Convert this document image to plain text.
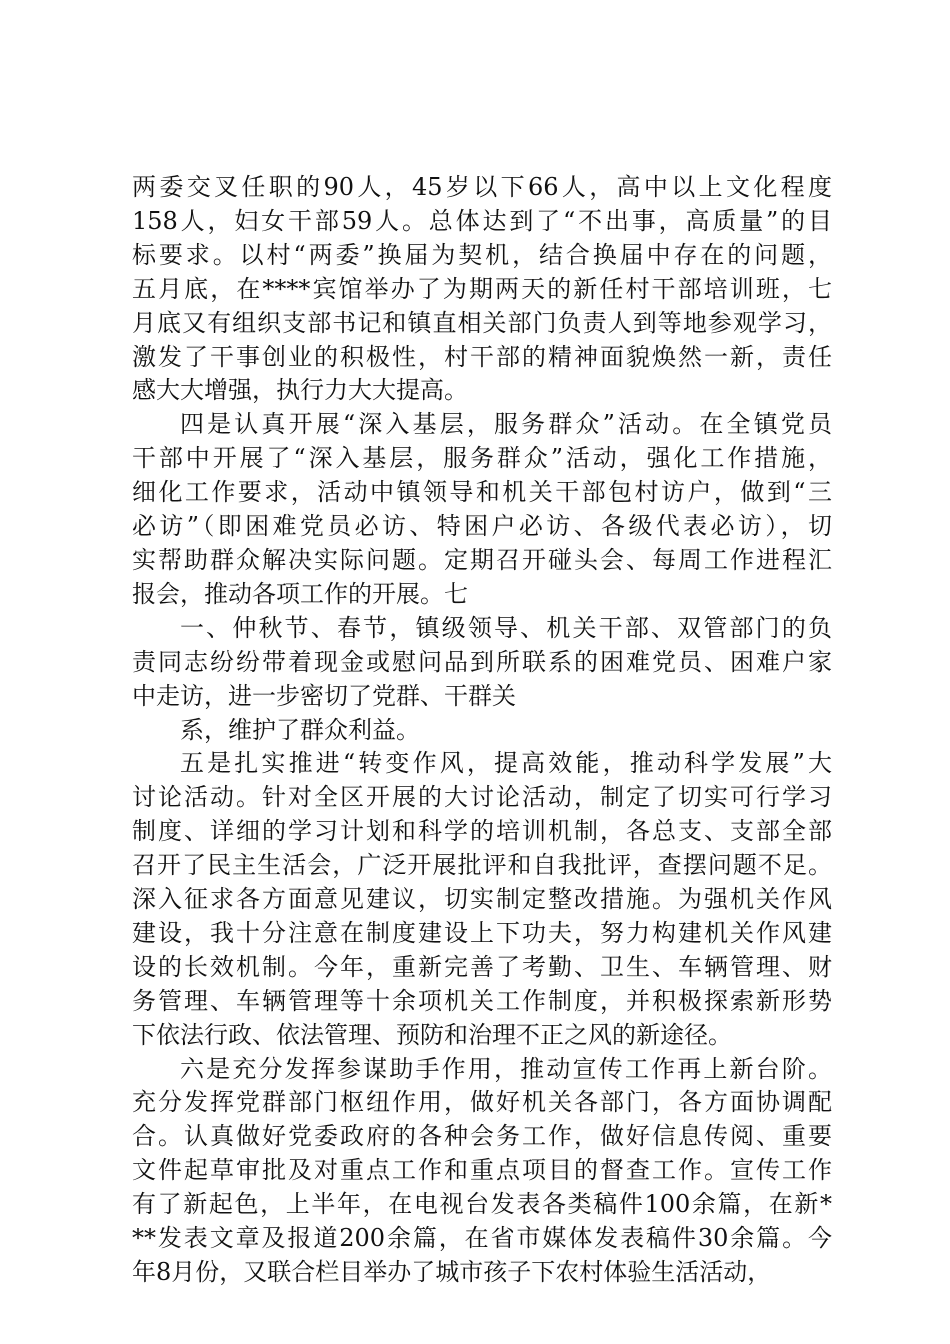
两委交叉任职的90人，45岁以下66人，高中以上文化程度
158人，妇女干部59人。总体达到了“不出事，高质量”的目
标要求。以村“两委”换届为契机，结合换届中存在的问题，
五月底，在****宾馆举办了为期两天的新任村干部培训班，七
月底又有组织支部书记和镇直相关部门负责人到等地参观学习，
激发了干事创业的积极性，村干部的精神面貌焕然一新，责任
感大大增强，执行力大大提高。
四是认真开展“深入基层，服务群众”活动。在全镇党员
干部中开展了“深入基层，服务群众”活动，强化工作措施，
细化工作要求，活动中镇领导和机关干部包村访户，做到“三
必访”（即困难党员必访、特困户必访、各级代表必访），切
实帮助群众解决实际问题。定期召开碰头会、每周工作进程汇
报会，推动各项工作的开展。七
一、仲秋节、春节，镇级领导、机关干部、双管部门的负
责同志纷纷带着现金或慰问品到所联系的困难党员、困难户家
中走访，进一步密切了党群、干群关
系，维护了群众利益。
五是扎实推进“转变作风，提高效能，推动科学发展”大
讨论活动。针对全区开展的大讨论活动，制定了切实可行学习
制度、详细的学习计划和科学的培训机制，各总支、支部全部
召开了民主生活会，广泛开展批评和自我批评，查摆问题不足。
深入征求各方面意见建议，切实制定整改措施。为强机关作风
建设，我十分注意在制度建设上下功夫，努力构建机关作风建
设的长效机制。今年，重新完善了考勤、卫生、车辆管理、财
务管理、车辆管理等十余项机关工作制度，并积极探索新形势
下依法行政、依法管理、预防和治理不正之风的新途径。
六是充分发挥参谋助手作用，推动宣传工作再上新台阶。
充分发挥党群部门枢纽作用，做好机关各部门，各方面协调配
合。认真做好党委政府的各种会务工作，做好信息传阅、重要
文件起草审批及对重点工作和重点项目的督查工作。宣传工作
有了新起色，上半年，在电视台发表各类稿件100余篇，在新*
**发表文章及报道200余篇，在省市媒体发表稿件30余篇。今
年8月份，又联合栏目举办了城市孩子下农村体验生活活动，
